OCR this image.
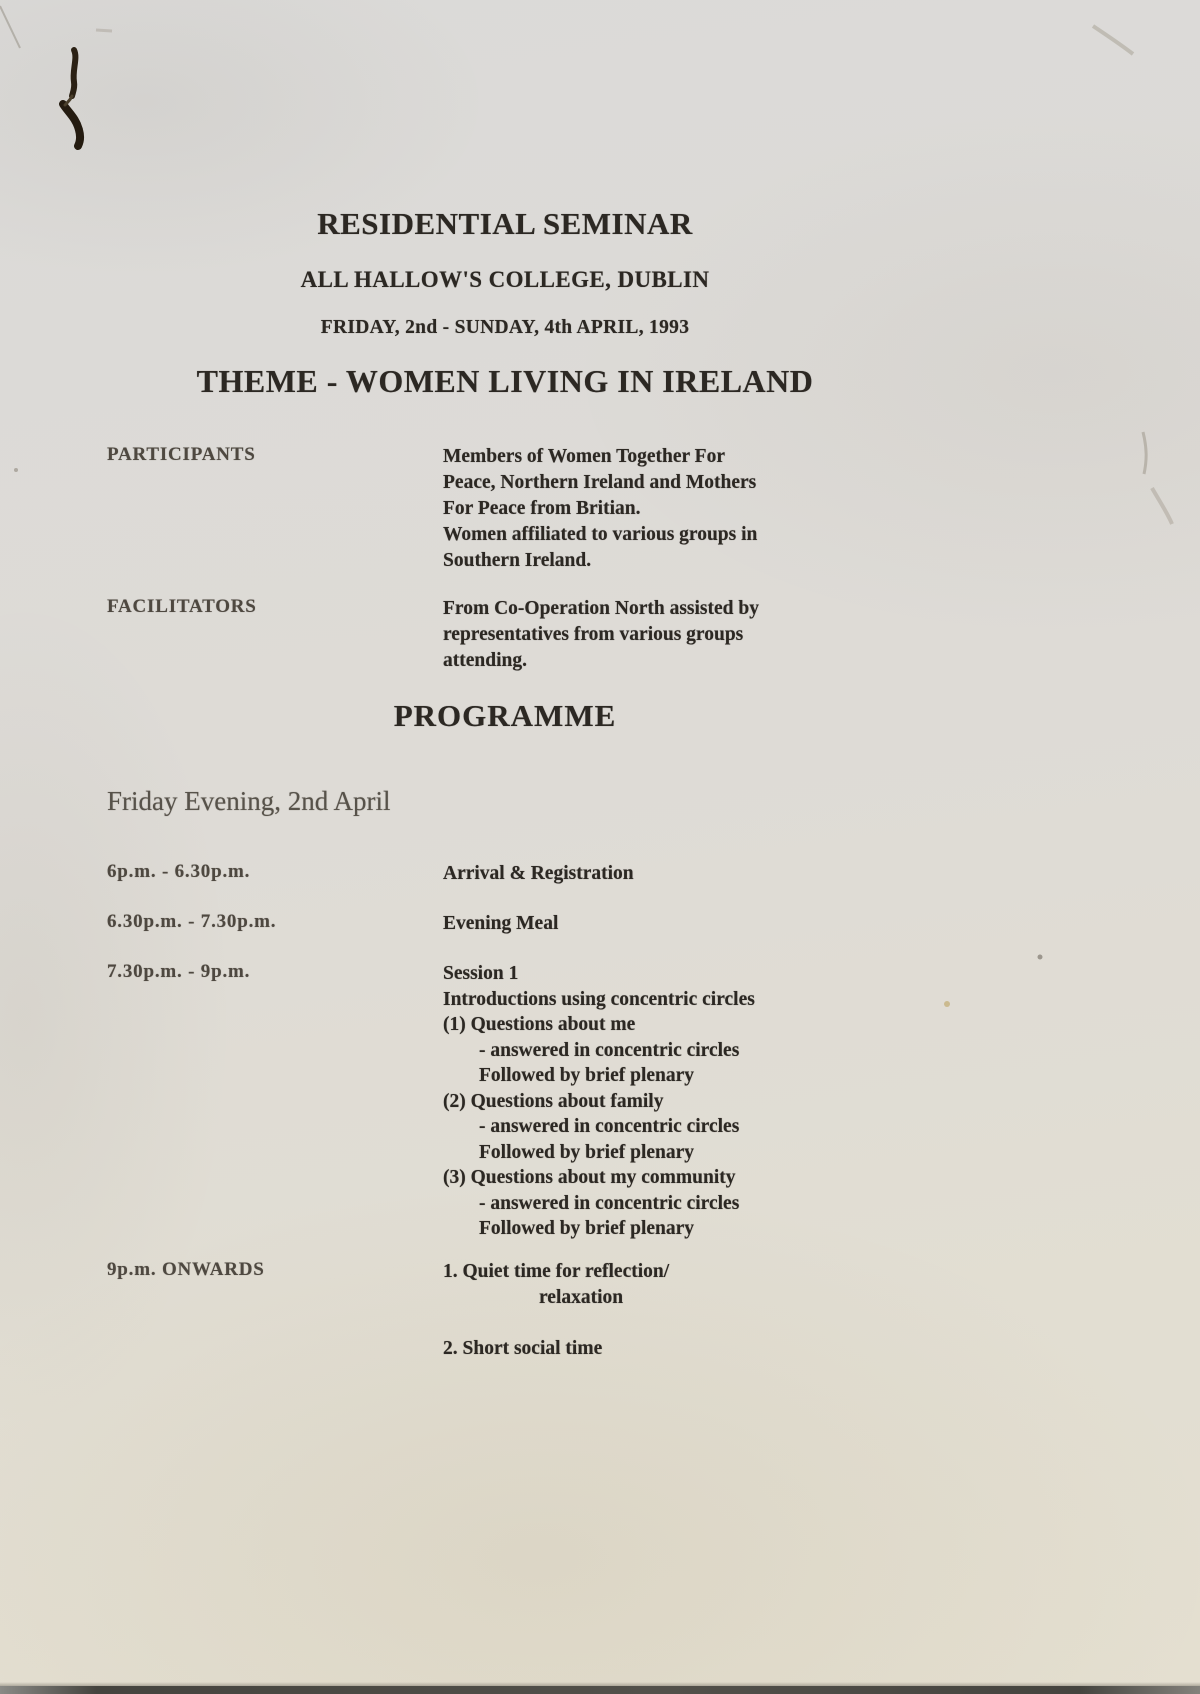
RESIDENTIAL SEMINAR
ALL HALLOW'S COLLEGE, DUBLIN
FRIDAY, 2nd - SUNDAY, 4th APRIL, 1993
THEME - WOMEN LIVING IN IRELAND
PARTICIPANTS	Members of Women Together For
Peace, Northern Ireland and Mothers
For Peace from Britian.
Women affiliated to various groups in
Southern Ireland.
FACILITATORS	From Co-Operation North assisted by
representatives from various groups
attending.
PROGRAMME
Friday Evening, 2nd April
6p.m. - 6.30p.m.	Arrival & Registration
6.30p.m. - 7.30p.m.	Evening Meal
7.30p.m. - 9p.m.	Session 1
Introductions using concentric circles
(1) Questions about me
- answered in concentric circles
Followed by brief plenary
(2) Questions about family
- answered in concentric circles
Followed by brief plenary
(3) Questions about my community
- answered in concentric circles
Followed by brief plenary
9p.m. ONWARDS	1. Quiet time for reflection/
relaxation
2. Short social time
